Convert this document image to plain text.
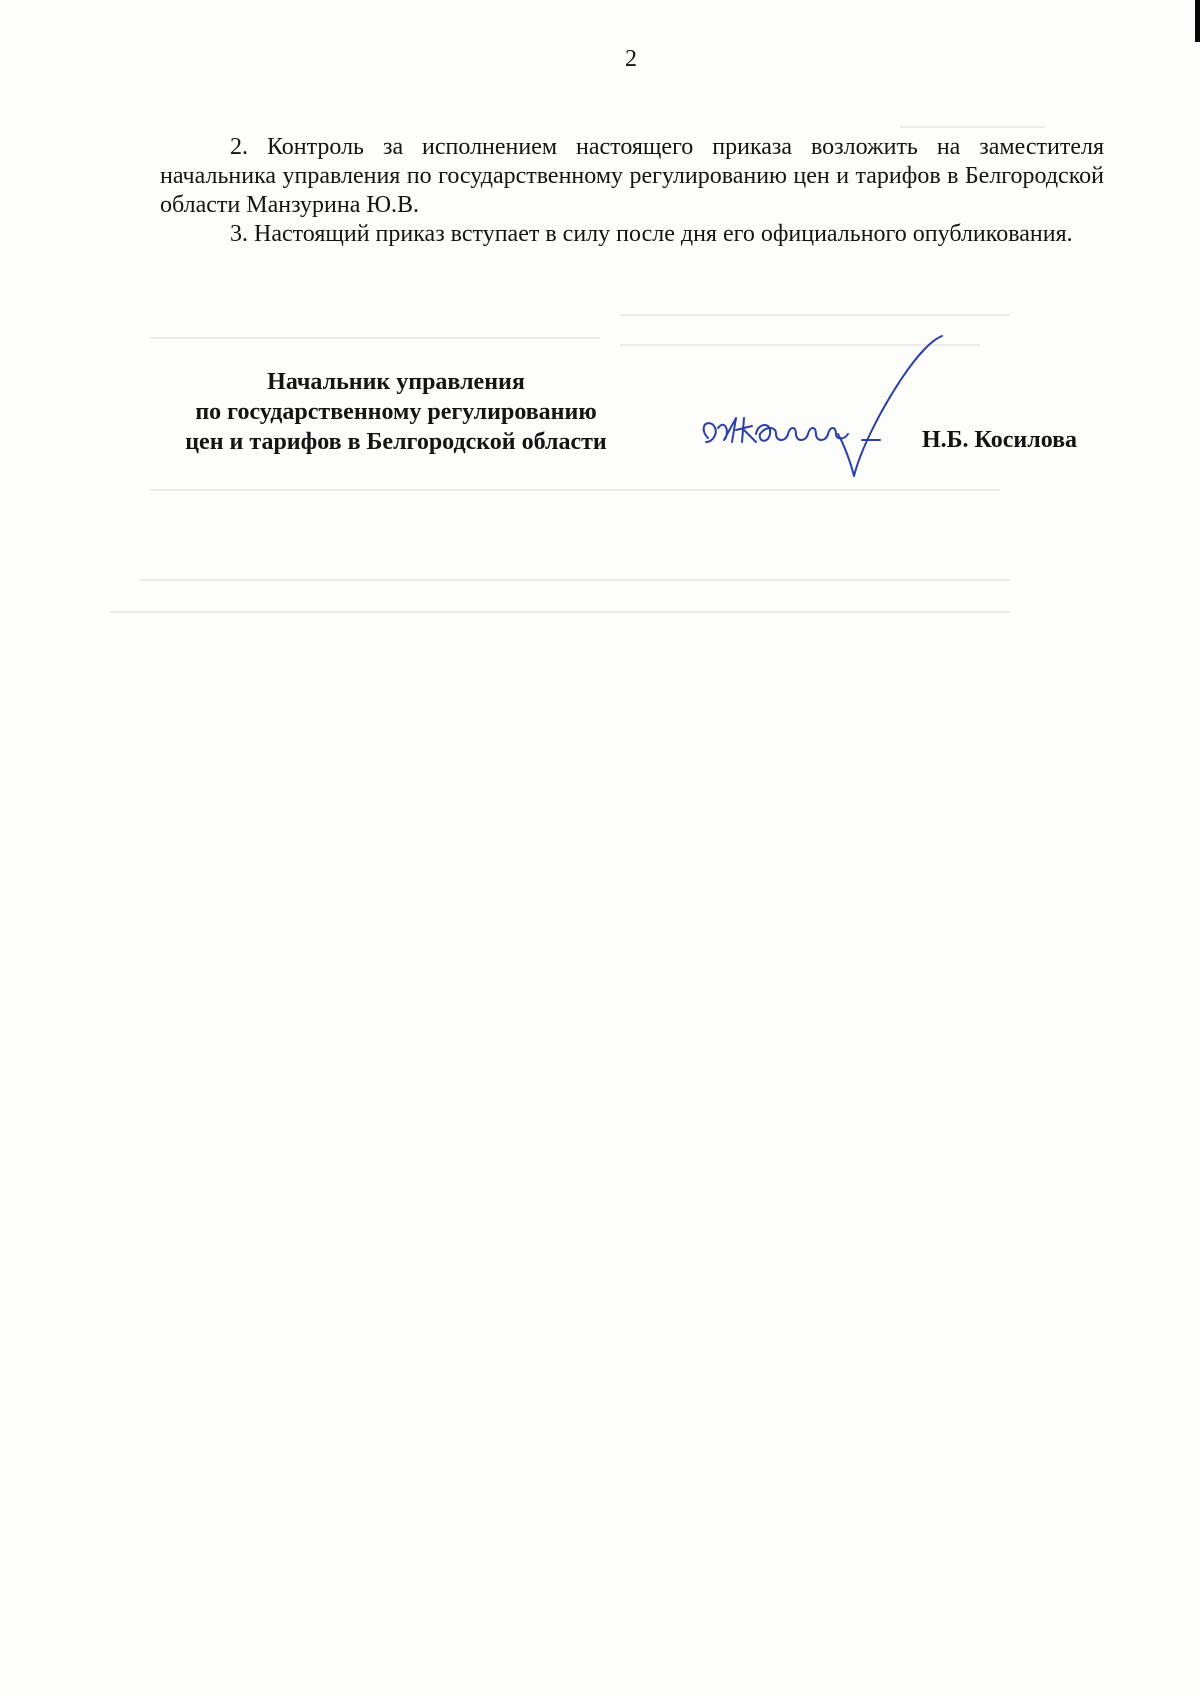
2

2. Контроль за исполнением настоящего приказа возложить на заместителя начальника управления по государственному регулированию цен и тарифов в Белгородской области Манзурина Ю.В.

3. Настоящий приказ вступает в силу после дня его официального опубликования.

Начальник управления
по государственному регулированию
цен и тарифов в Белгородской области	Н.Б. Косилова
